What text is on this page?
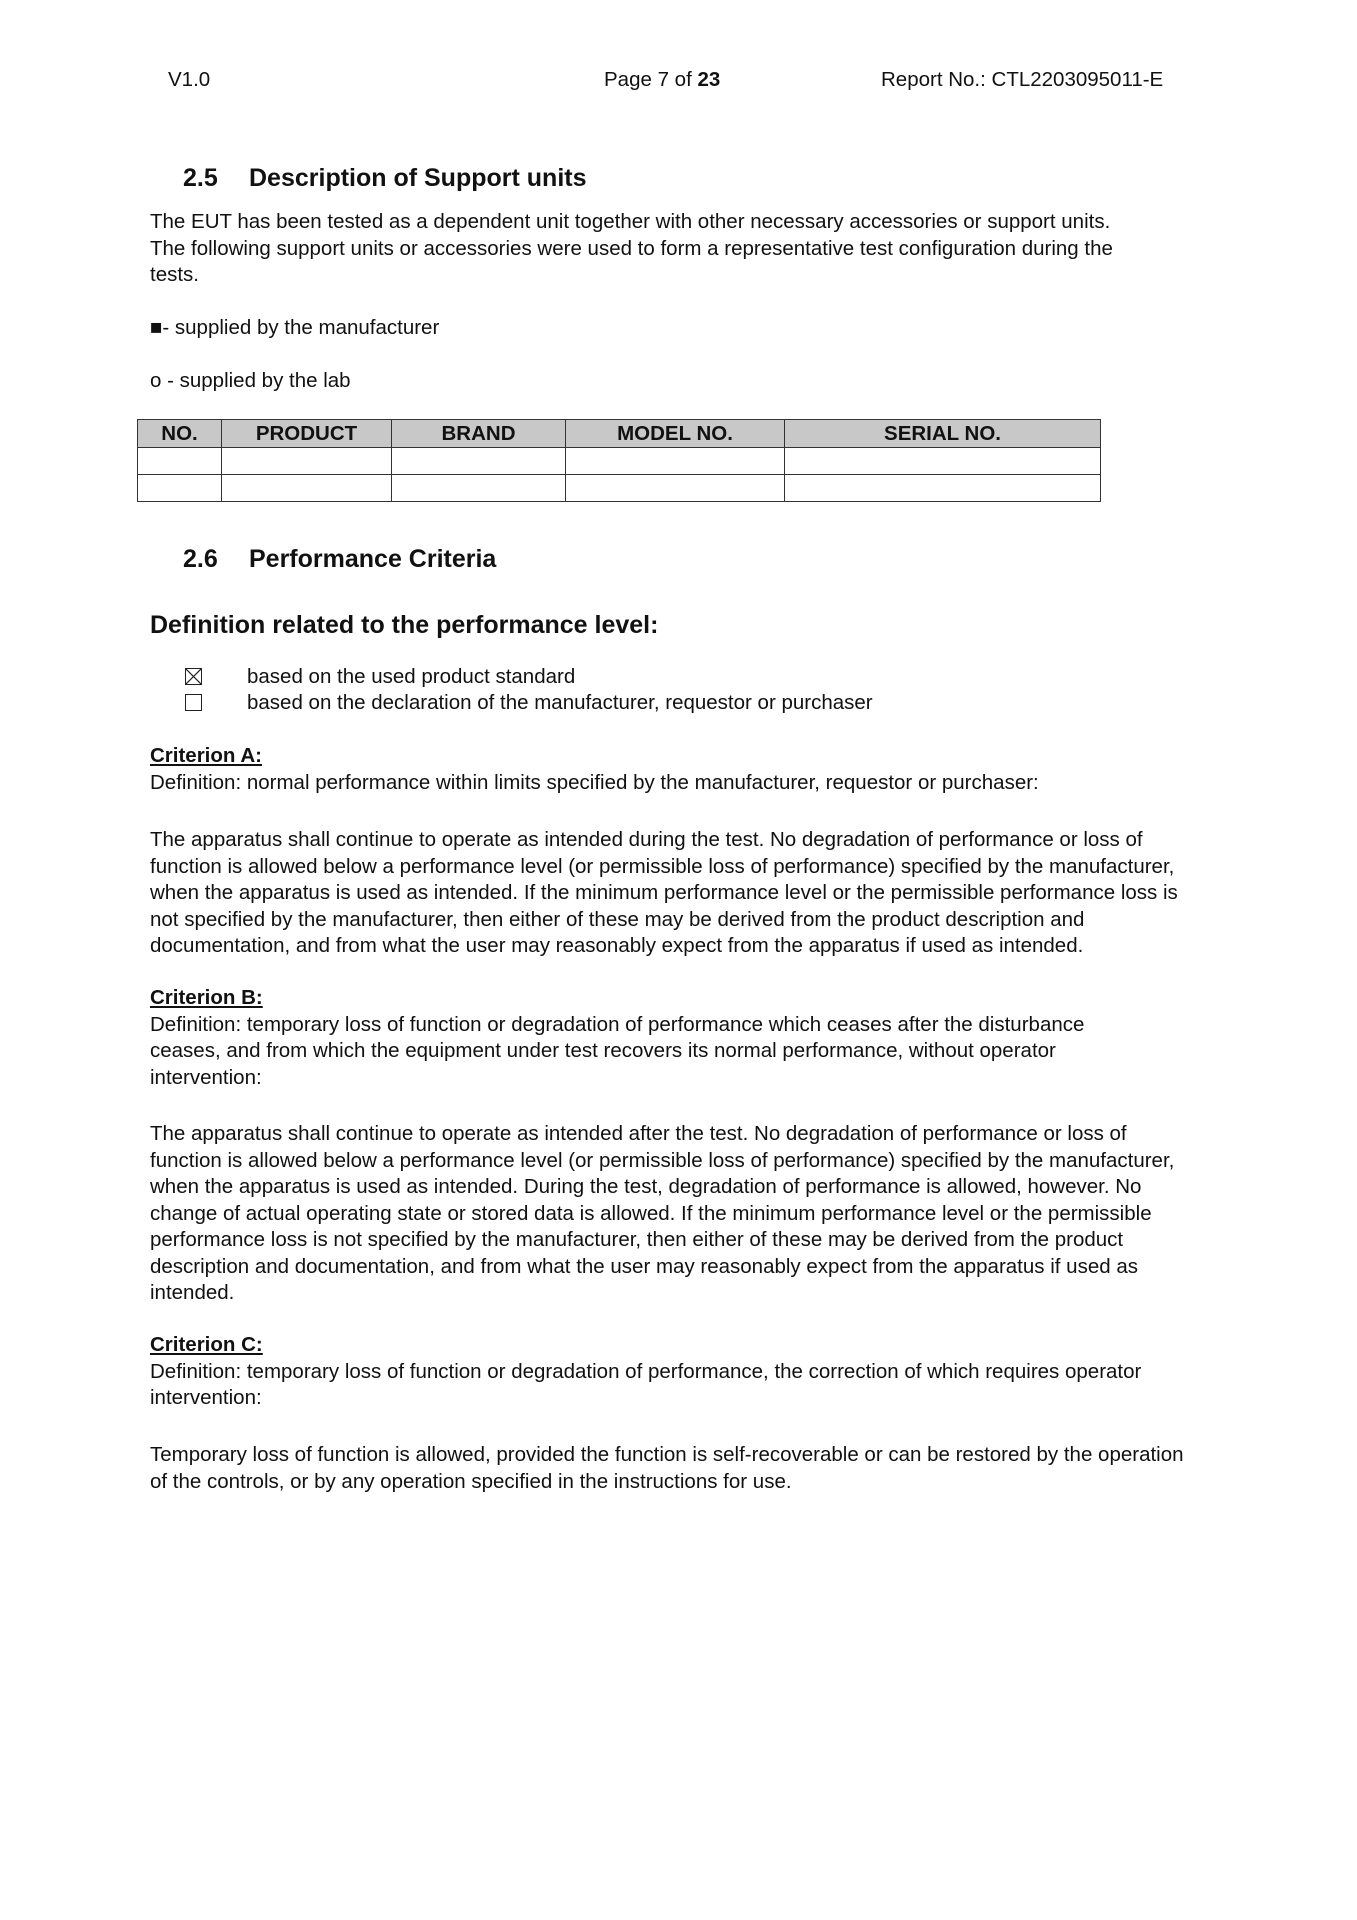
V1.0	Page 7 of 23	Report No.: CTL2203095011-E
2.5 Description of Support units
The EUT has been tested as a dependent unit together with other necessary accessories or support units.
The following support units or accessories were used to form a representative test configuration during the
tests.
■- supplied by the manufacturer
o - supplied by the lab
NO.	PRODUCT	BRAND	MODEL NO.	SERIAL NO.

2.6 Performance Criteria
Definition related to the performance level:
based on the used product standard
based on the declaration of the manufacturer, requestor or purchaser
Criterion A:
Definition: normal performance within limits specified by the manufacturer, requestor or purchaser:
The apparatus shall continue to operate as intended during the test. No degradation of performance or loss of
function is allowed below a performance level (or permissible loss of performance) specified by the manufacturer,
when the apparatus is used as intended. If the minimum performance level or the permissible performance loss is
not specified by the manufacturer, then either of these may be derived from the product description and
documentation, and from what the user may reasonably expect from the apparatus if used as intended.
Criterion B:
Definition: temporary loss of function or degradation of performance which ceases after the disturbance
ceases, and from which the equipment under test recovers its normal performance, without operator
intervention:
The apparatus shall continue to operate as intended after the test. No degradation of performance or loss of
function is allowed below a performance level (or permissible loss of performance) specified by the manufacturer,
when the apparatus is used as intended. During the test, degradation of performance is allowed, however. No
change of actual operating state or stored data is allowed. If the minimum performance level or the permissible
performance loss is not specified by the manufacturer, then either of these may be derived from the product
description and documentation, and from what the user may reasonably expect from the apparatus if used as
intended.
Criterion C:
Definition: temporary loss of function or degradation of performance, the correction of which requires operator
intervention:
Temporary loss of function is allowed, provided the function is self-recoverable or can be restored by the operation
of the controls, or by any operation specified in the instructions for use.
